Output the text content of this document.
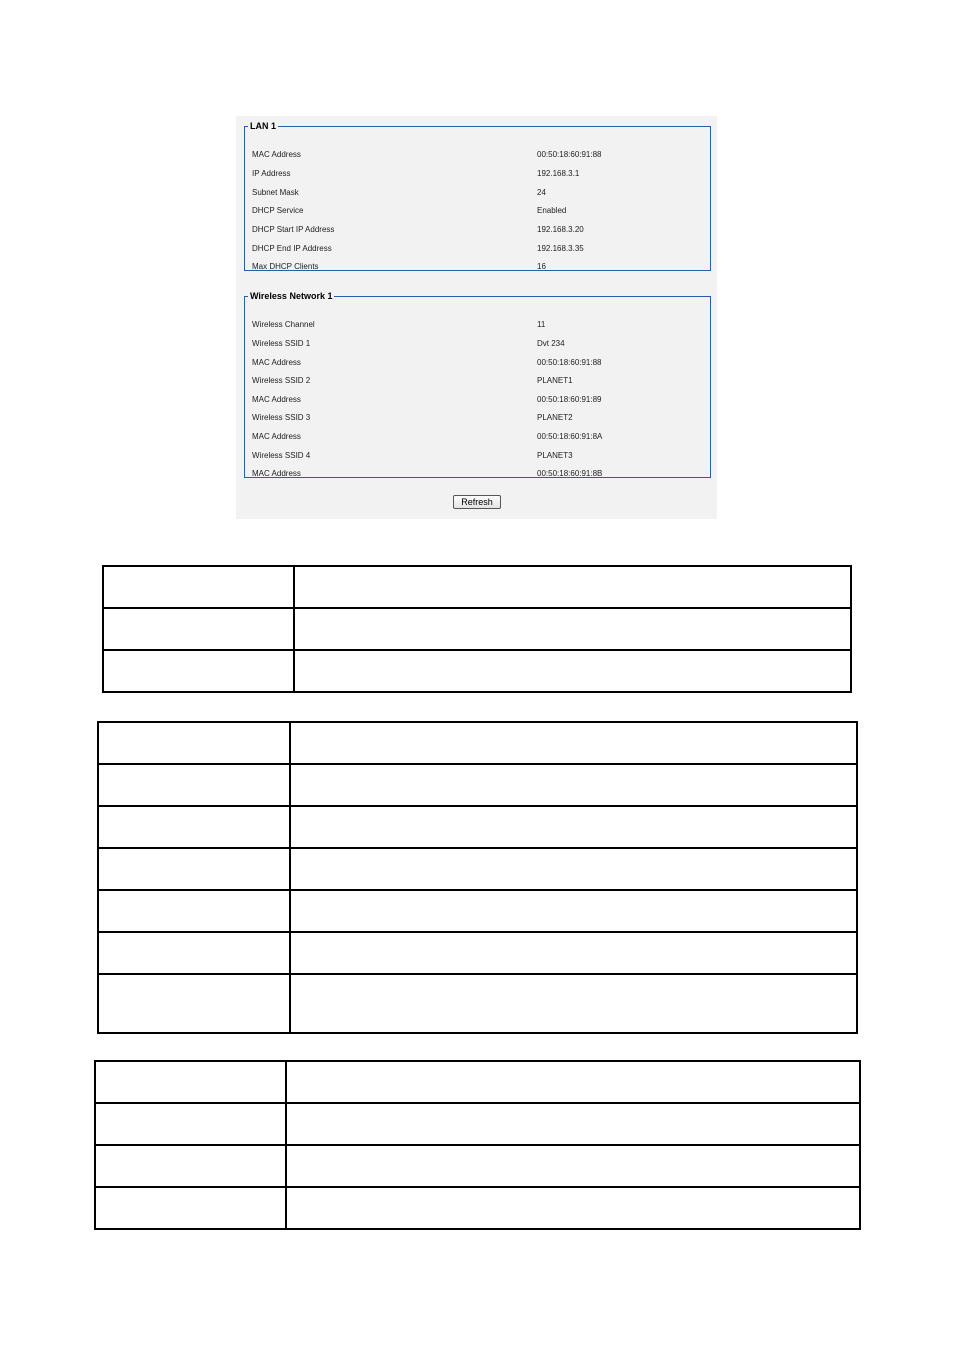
LAN 1
MAC Address	00:50:18:60:91:88
IP Address	192.168.3.1
Subnet Mask	24
DHCP Service	Enabled
DHCP Start IP Address	192.168.3.20
DHCP End IP Address	192.168.3.35
Max DHCP Clients	16
Wireless Network 1
Wireless Channel	11
Wireless SSID 1	Dvt 234
MAC Address	00:50:18:60:91:88
Wireless SSID 2	PLANET1
MAC Address	00:50:18:60:91:89
Wireless SSID 3	PLANET2
MAC Address	00:50:18:60:91:8A
Wireless SSID 4	PLANET3
MAC Address	00:50:18:60:91:8B
Refresh
